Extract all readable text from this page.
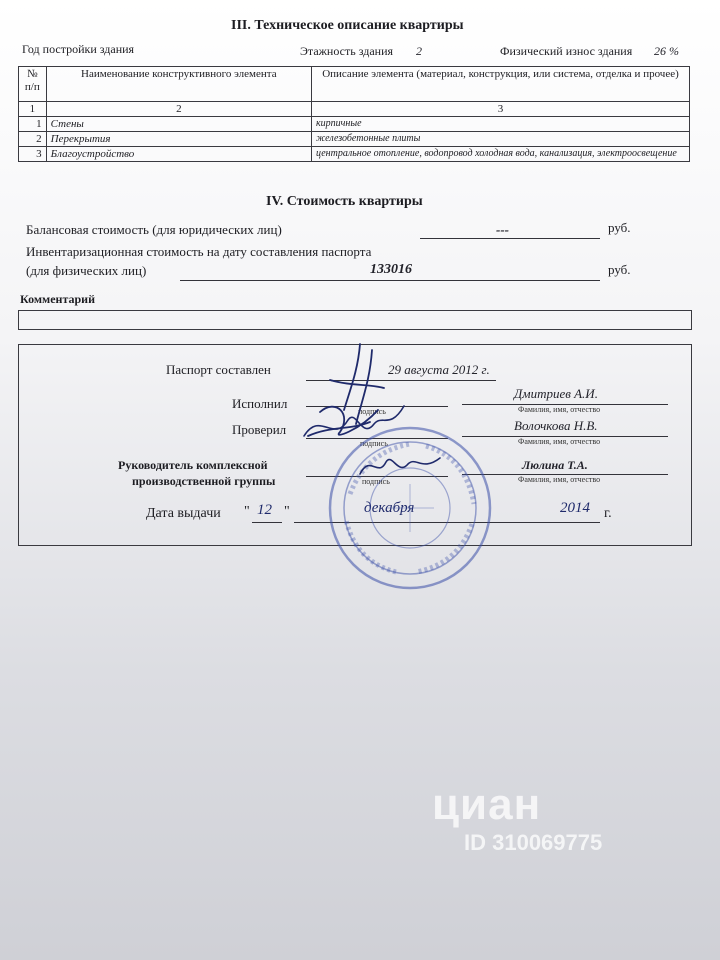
III. Техническое описание квартиры
Год постройки здания	Этажность здания 2	Физический износ здания 26 %
№ п/п	Наименование конструктивного элемента	Описание элемента (материал, конструкция, или система, отделка и прочее)
1	2	3
1	Стены	кирпичные
2	Перекрытия	железобетонные плиты
3	Благоустройство	центральное отопление, водопровод холодная вода, канализация, электроосвещение
IV. Стоимость квартиры
Балансовая стоимость (для юридических лиц)	---	руб.
Инвентаризационная стоимость на дату составления паспорта
(для физических лиц)	133016	руб.
Комментарий
Паспорт составлен	29 августа 2012 г.
Исполнил
подпись
Дмитриев А.И.
Фамилия, имя, отчество
Проверил
подпись
Волочкова Н.В.
Фамилия, имя, отчество
Руководитель комплексной
производственной группы	подпись
Люлина Т.А.
Фамилия, имя, отчество
Дата выдачи " 12 "	декабря	2014 г.
циан
ID 310069775
